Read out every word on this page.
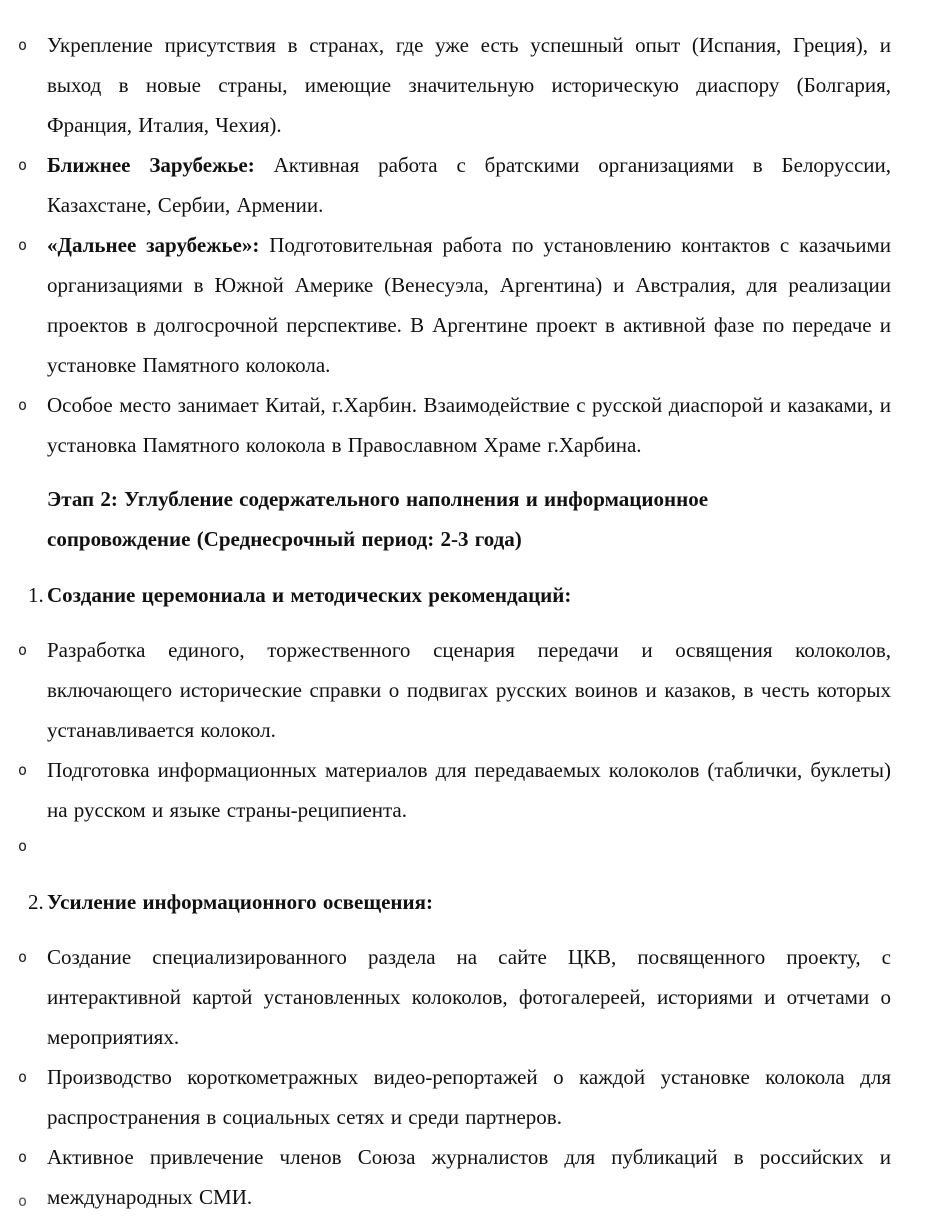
o Укрепление присутствия в странах, где уже есть успешный опыт (Испания, Греция), и выход в новые страны, имеющие значительную историческую диаспору (Болгария, Франция, Италия, Чехия).
o Ближнее Зарубежье: Активная работа с братскими организациями в Белоруссии, Казахстане, Сербии, Армении.
o «Дальнее зарубежье»: Подготовительная работа по установлению контактов с казачьими организациями в Южной Америке (Венесуэла, Аргентина) и Австралия, для реализации проектов в долгосрочной перспективе. В Аргентине проект в активной фазе по передаче и установке Памятного колокола.
o Особое место занимает Китай, г.Харбин. Взаимодействие с русской диаспорой и казаками, и установка Памятного колокола в Православном Храме г.Харбина.
Этап 2: Углубление содержательного наполнения и информационное сопровождение (Среднесрочный период: 2-3 года)
1. Создание церемониала и методических рекомендаций:
o Разработка единого, торжественного сценария передачи и освящения колоколов, включающего исторические справки о подвигах русских воинов и казаков, в честь которых устанавливается колокол.
o Подготовка информационных материалов для передаваемых колоколов (таблички, буклеты) на русском и языке страны-реципиента.
o
2. Усиление информационного освещения:
o Создание специализированного раздела на сайте ЦКВ, посвященного проекту, с интерактивной картой установленных колоколов, фотогалереей, историями и отчетами о мероприятиях.
o Производство короткометражных видео-репортажей о каждой установке колокола для распространения в социальных сетях и среди партнеров.
o Активное привлечение членов Союза журналистов для публикаций в российских и международных СМИ.
o
